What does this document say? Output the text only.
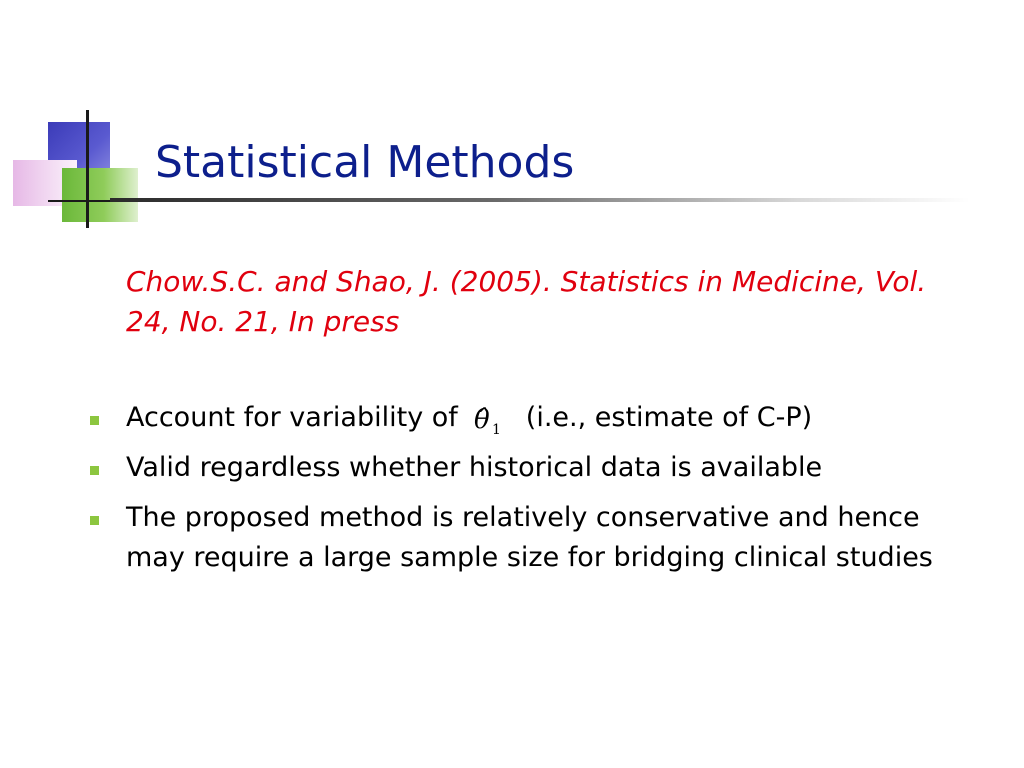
Statistical Methods
Chow.S.C. and Shao, J. (2005). Statistics in Medicine, Vol. 24, No. 21, In press
Account for variability of θ̂ 1 (i.e., estimate of C-P)
Valid regardless whether historical data is available
The proposed method is relatively conservative and hence may require a large sample size for bridging clinical studies
